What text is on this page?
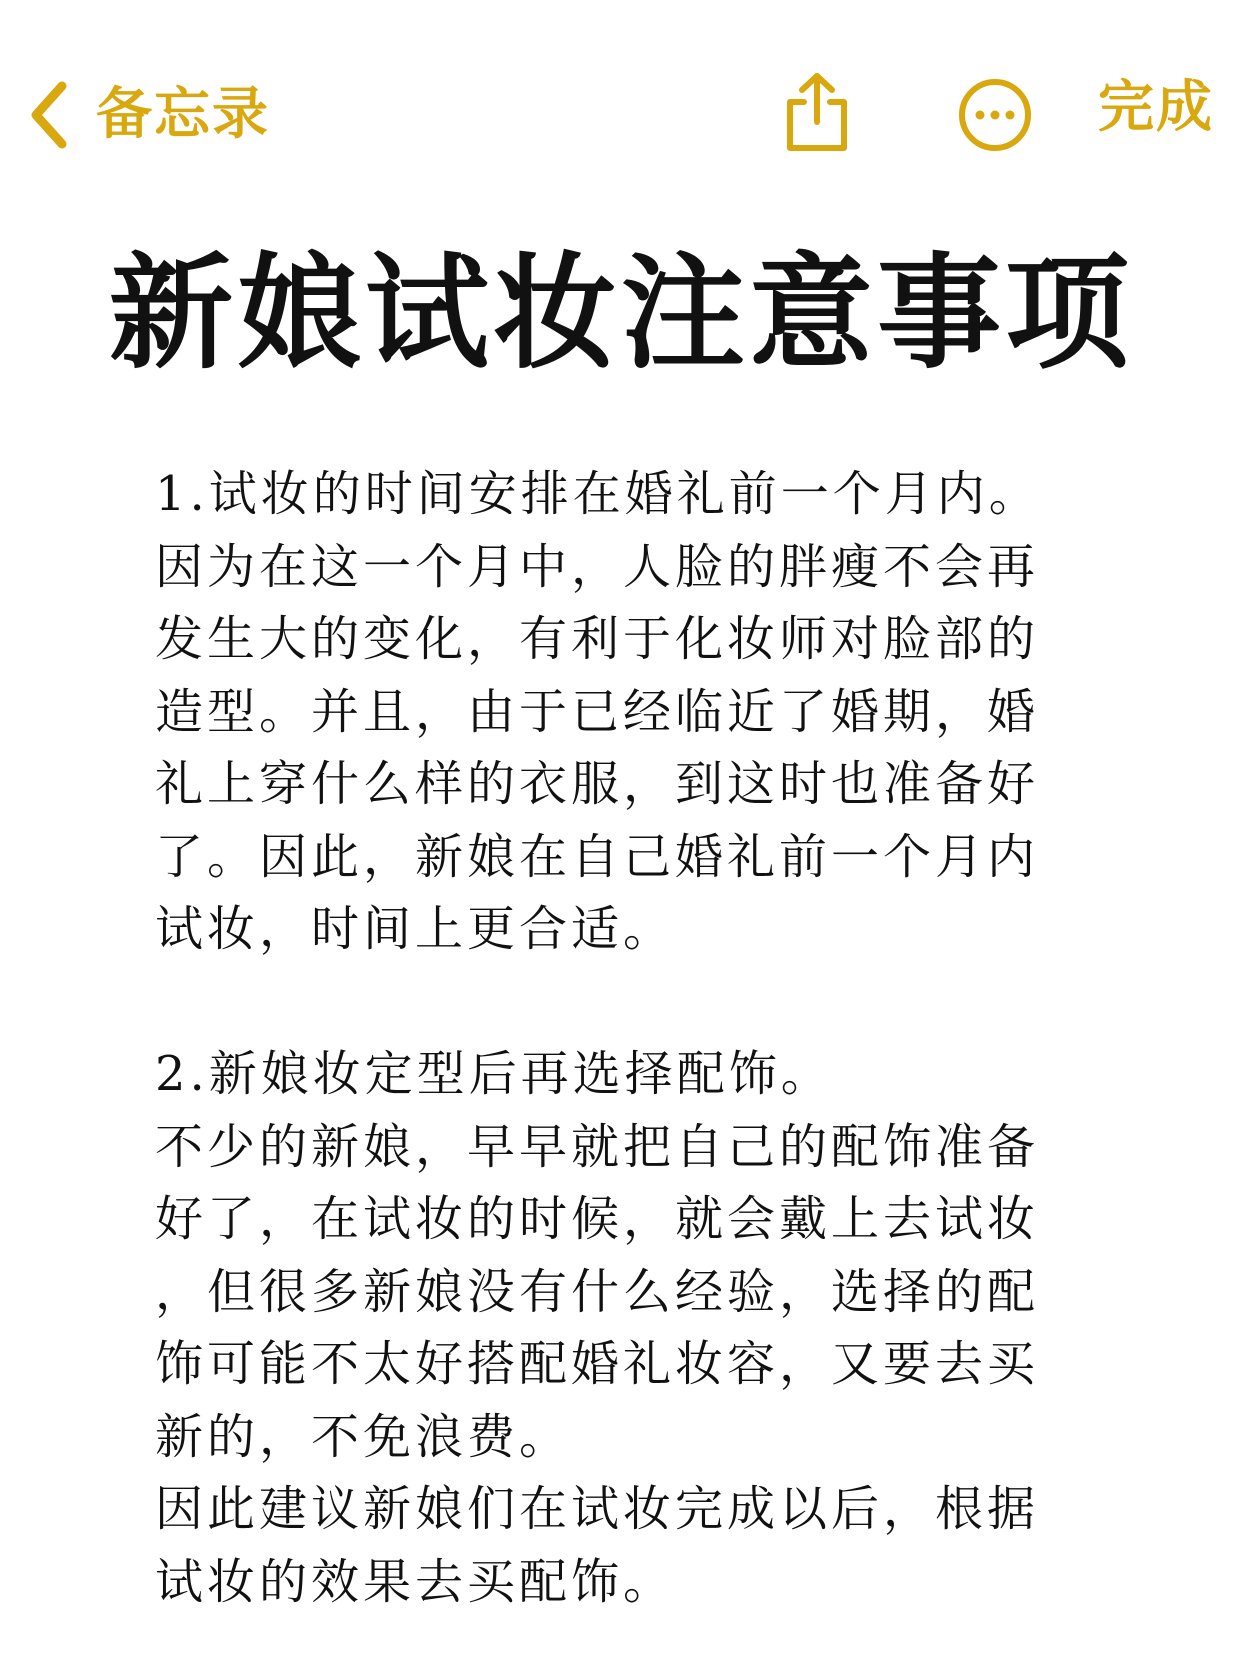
备忘录	完成
新娘试妆注意事项
1.试妆的时间安排在婚礼前一个月内。
因为在这一个月中，人脸的胖瘦不会再
发生大的变化，有利于化妆师对脸部的
造型。并且，由于已经临近了婚期，婚
礼上穿什么样的衣服，到这时也准备好
了。因此，新娘在自己婚礼前一个月内
试妆，时间上更合适。
2.新娘妆定型后再选择配饰。
不少的新娘，早早就把自己的配饰准备
好了，在试妆的时候，就会戴上去试妆
，但很多新娘没有什么经验，选择的配
饰可能不太好搭配婚礼妆容，又要去买
新的，不免浪费。
因此建议新娘们在试妆完成以后，根据
试妆的效果去买配饰。
